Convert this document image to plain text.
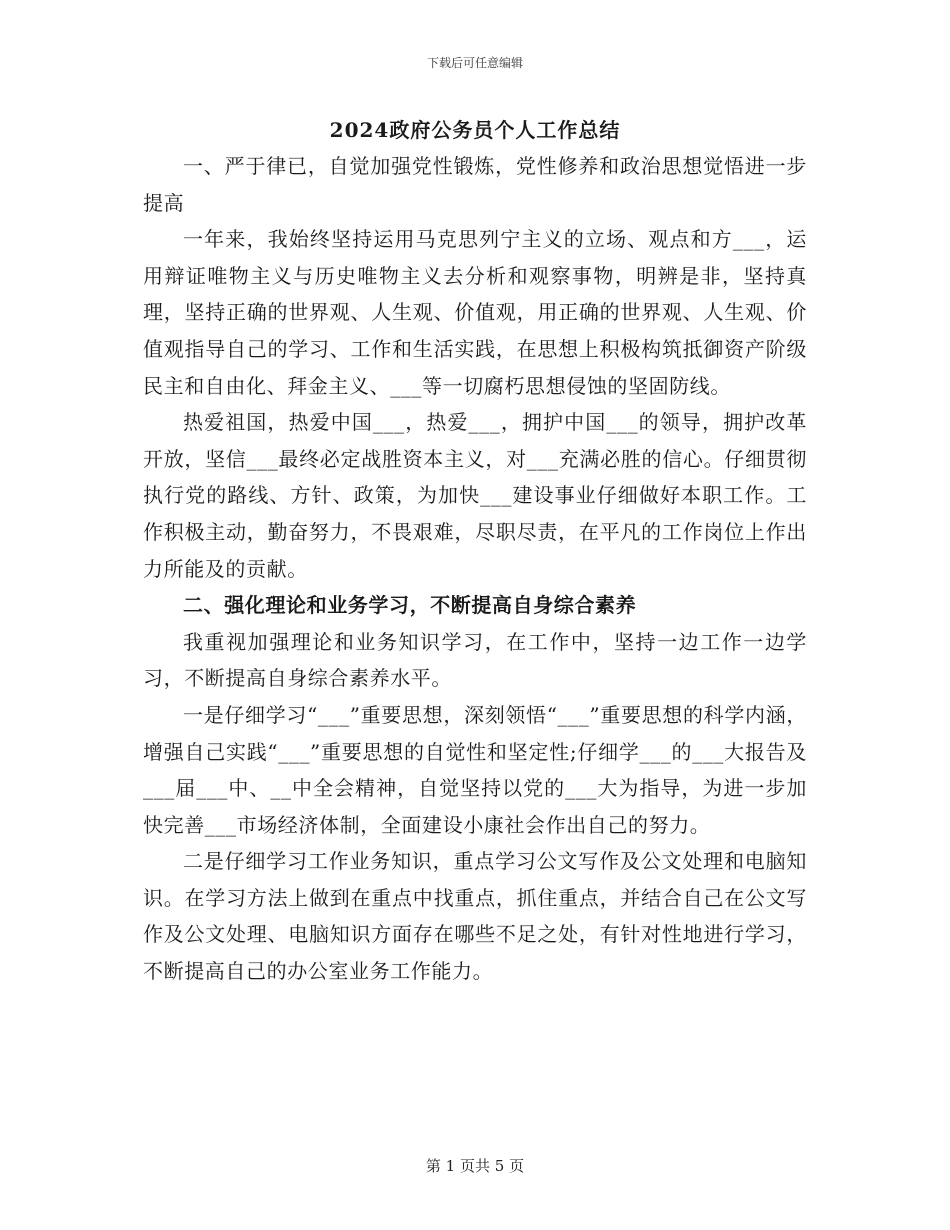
下载后可任意编辑
2024政府公务员个人工作总结

一、严于律已，自觉加强党性锻炼，党性修养和政治思想觉悟进一步提高

一年来，我始终坚持运用马克思列宁主义的立场、观点和方___，运用辩证唯物主义与历史唯物主义去分析和观察事物，明辨是非，坚持真理，坚持正确的世界观、人生观、价值观，用正确的世界观、人生观、价值观指导自己的学习、工作和生活实践，在思想上积极构筑抵御资产阶级民主和自由化、拜金主义、___等一切腐朽思想侵蚀的坚固防线。

热爱祖国，热爱中国___，热爱___，拥护中国___的领导，拥护改革开放，坚信___最终必定战胜资本主义，对___充满必胜的信心。仔细贯彻执行党的路线、方针、政策，为加快___建设事业仔细做好本职工作。工作积极主动，勤奋努力，不畏艰难，尽职尽责，在平凡的工作岗位上作出力所能及的贡献。

二、强化理论和业务学习，不断提高自身综合素养

我重视加强理论和业务知识学习，在工作中，坚持一边工作一边学习，不断提高自身综合素养水平。

一是仔细学习“___”重要思想，深刻领悟“___”重要思想的科学内涵，增强自己实践“___”重要思想的自觉性和坚定性;仔细学___的___大报告及___届___中、__中全会精神，自觉坚持以党的___大为指导，为进一步加快完善___市场经济体制，全面建设小康社会作出自己的努力。

二是仔细学习工作业务知识，重点学习公文写作及公文处理和电脑知识。在学习方法上做到在重点中找重点，抓住重点，并结合自己在公文写作及公文处理、电脑知识方面存在哪些不足之处，有针对性地进行学习，不断提高自己的办公室业务工作能力。

第 1 页共 5 页
